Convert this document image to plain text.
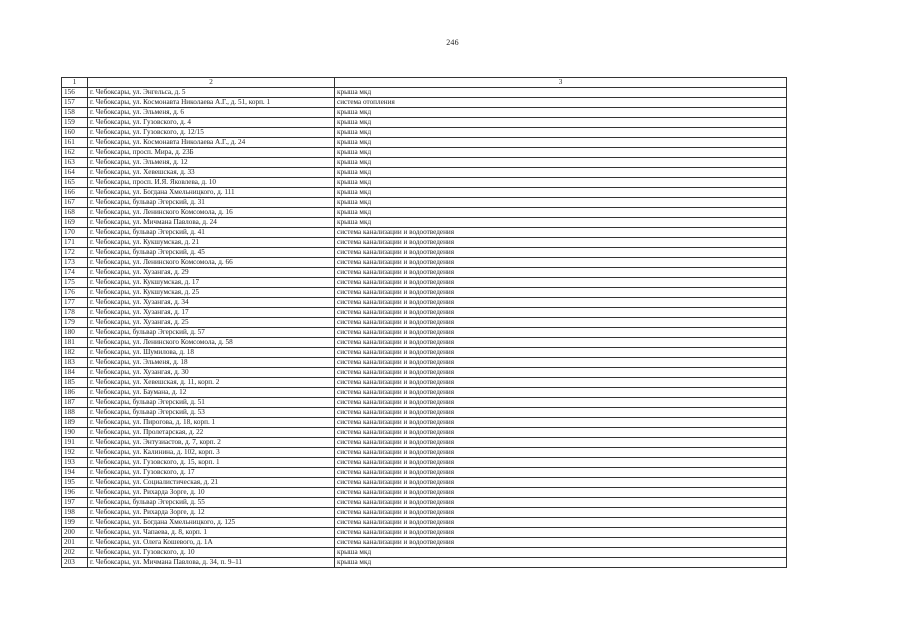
246
1	2	3
156	г. Чебоксары, ул. Энгельса, д. 5	крыша мкд
157	г. Чебоксары, ул. Космонавта Николаева А.Г., д. 51, корп. 1	система отопления
158	г. Чебоксары, ул. Эльменя, д. 6	крыша мкд
159	г. Чебоксары, ул. Гузовского, д. 4	крыша мкд
160	г. Чебоксары, ул. Гузовского, д. 12/15	крыша мкд
161	г. Чебоксары, ул. Космонавта Николаева А.Г., д. 24	крыша мкд
162	г. Чебоксары, просп. Мира, д. 23Б	крыша мкд
163	г. Чебоксары, ул. Эльменя, д. 12	крыша мкд
164	г. Чебоксары, ул. Хевешская, д. 33	крыша мкд
165	г. Чебоксары, просп. И.Я. Яковлева, д. 10	крыша мкд
166	г. Чебоксары, ул. Богдана Хмельницкого, д. 111	крыша мкд
167	г. Чебоксары, бульвар Эгерский, д. 31	крыша мкд
168	г. Чебоксары, ул. Ленинского Комсомола, д. 16	крыша мкд
169	г. Чебоксары, ул. Мичмана Павлова, д. 24	крыша мкд
170	г. Чебоксары, бульвар Эгерский, д. 41	система канализации и водоотведения
171	г. Чебоксары, ул. Кукшумская, д. 21	система канализации и водоотведения
172	г. Чебоксары, бульвар Эгерский, д. 45	система канализации и водоотведения
173	г. Чебоксары, ул. Ленинского Комсомола, д. 66	система канализации и водоотведения
174	г. Чебоксары, ул. Хузангая, д. 29	система канализации и водоотведения
175	г. Чебоксары, ул. Кукшумская, д. 17	система канализации и водоотведения
176	г. Чебоксары, ул. Кукшумская, д. 25	система канализации и водоотведения
177	г. Чебоксары, ул. Хузангая, д. 34	система канализации и водоотведения
178	г. Чебоксары, ул. Хузангая, д. 17	система канализации и водоотведения
179	г. Чебоксары, ул. Хузангая, д. 25	система канализации и водоотведения
180	г. Чебоксары, бульвар Эгерский, д. 57	система канализации и водоотведения
181	г. Чебоксары, ул. Ленинского Комсомола, д. 58	система канализации и водоотведения
182	г. Чебоксары, ул. Шумилова, д. 18	система канализации и водоотведения
183	г. Чебоксары, ул. Эльменя, д. 18	система канализации и водоотведения
184	г. Чебоксары, ул. Хузангая, д. 30	система канализации и водоотведения
185	г. Чебоксары, ул. Хевешская, д. 11, корп. 2	система канализации и водоотведения
186	г. Чебоксары, ул. Баумана, д. 12	система канализации и водоотведения
187	г. Чебоксары, бульвар Эгерский, д. 51	система канализации и водоотведения
188	г. Чебоксары, бульвар Эгерский, д. 53	система канализации и водоотведения
189	г. Чебоксары, ул. Пирогова, д. 18, корп. 1	система канализации и водоотведения
190	г. Чебоксары, ул. Пролетарская, д. 22	система канализации и водоотведения
191	г. Чебоксары, ул. Энтузиастов, д. 7, корп. 2	система канализации и водоотведения
192	г. Чебоксары, ул. Калинина, д. 102, корп. 3	система канализации и водоотведения
193	г. Чебоксары, ул. Гузовского, д. 15, корп. 1	система канализации и водоотведения
194	г. Чебоксары, ул. Гузовского, д. 17	система канализации и водоотведения
195	г. Чебоксары, ул. Социалистическая, д. 21	система канализации и водоотведения
196	г. Чебоксары, ул. Рихарда Зорге, д. 10	система канализации и водоотведения
197	г. Чебоксары, бульвар Эгерский, д. 55	система канализации и водоотведения
198	г. Чебоксары, ул. Рихарда Зорге, д. 12	система канализации и водоотведения
199	г. Чебоксары, ул. Богдана Хмельницкого, д. 125	система канализации и водоотведения
200	г. Чебоксары, ул. Чапаева, д. 8, корп. 1	система канализации и водоотведения
201	г. Чебоксары, ул. Олега Кошевого, д. 1А	система канализации и водоотведения
202	г. Чебоксары, ул. Гузовского, д. 10	крыша мкд
203	г. Чебоксары, ул. Мичмана Павлова, д. 34, п. 9–11	крыша мкд
